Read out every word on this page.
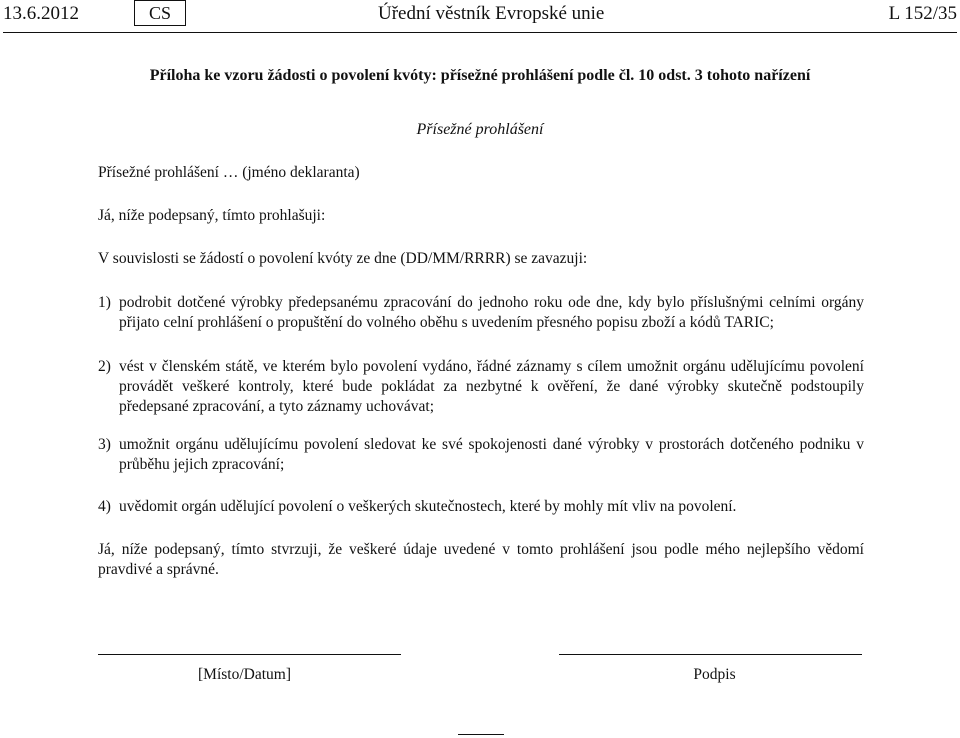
13.6.2012	CS	Úřední věstník Evropské unie	L 152/35
Příloha ke vzoru žádosti o povolení kvóty: přísežné prohlášení podle čl. 10 odst. 3 tohoto nařízení
Přísežné prohlášení
Přísežné prohlášení … (jméno deklaranta)
Já, níže podepsaný, tímto prohlašuji:
V souvislosti se žádostí o povolení kvóty ze dne (DD/MM/RRRR) se zavazuji:
1) podrobit dotčené výrobky předepsanému zpracování do jednoho roku ode dne, kdy bylo příslušnými celními orgány přijato celní prohlášení o propuštění do volného oběhu s uvedením přesného popisu zboží a kódů TARIC;
2) vést v členském státě, ve kterém bylo povolení vydáno, řádné záznamy s cílem umožnit orgánu udělujícímu povolení provádět veškeré kontroly, které bude pokládat za nezbytné k ověření, že dané výrobky skutečně podstoupily předepsané zpracování, a tyto záznamy uchovávat;
3) umožnit orgánu udělujícímu povolení sledovat ke své spokojenosti dané výrobky v prostorách dotčeného podniku v průběhu jejich zpracování;
4) uvědomit orgán udělující povolení o veškerých skutečnostech, které by mohly mít vliv na povolení.
Já, níže podepsaný, tímto stvrzuji, že veškeré údaje uvedené v tomto prohlášení jsou podle mého nejlepšího vědomí pravdivé a správné.
[Místo/Datum]	Podpis
